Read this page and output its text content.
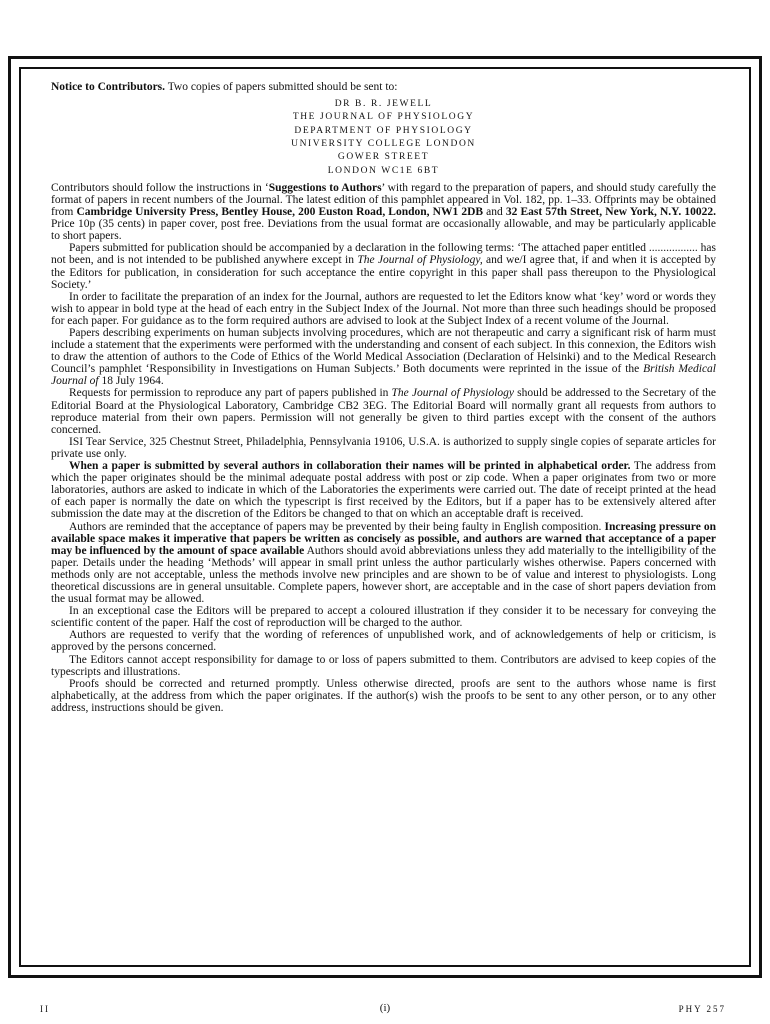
Notice to Contributors. Two copies of papers submitted should be sent to:

DR B. R. JEWELL
THE JOURNAL OF PHYSIOLOGY
DEPARTMENT OF PHYSIOLOGY
UNIVERSITY COLLEGE LONDON
GOWER STREET
LONDON WC1E 6BT

Contributors should follow the instructions in ‘Suggestions to Authors’ with regard to the preparation of papers, and should study carefully the format of papers in recent numbers of the Journal. The latest edition of this pamphlet appeared in Vol. 182, pp. 1–33. Offprints may be obtained from Cambridge University Press, Bentley House, 200 Euston Road, London, NW1 2DB and 32 East 57th Street, New York, N.Y. 10022. Price 10p (35 cents) in paper cover, post free. Deviations from the usual format are occasionally allowable, and may be particularly applicable to short papers.

Papers submitted for publication should be accompanied by a declaration in the following terms: ‘The attached paper entitled ................. has not been, and is not intended to be published anywhere except in The Journal of Physiology, and we/I agree that, if and when it is accepted by the Editors for publication, in consideration for such acceptance the entire copyright in this paper shall pass thereupon to the Physiological Society.’

In order to facilitate the preparation of an index for the Journal, authors are requested to let the Editors know what ‘key’ word or words they wish to appear in bold type at the head of each entry in the Subject Index of the Journal. Not more than three such headings should be proposed for each paper. For guidance as to the form required authors are advised to look at the Subject Index of a recent volume of the Journal.

Papers describing experiments on human subjects involving procedures, which are not therapeutic and carry a significant risk of harm must include a statement that the experiments were performed with the understanding and consent of each subject. In this connexion, the Editors wish to draw the attention of authors to the Code of Ethics of the World Medical Association (Declaration of Helsinki) and to the Medical Research Council’s pamphlet ‘Responsibility in Investigations on Human Subjects.’ Both documents were reprinted in the issue of the British Medical Journal of 18 July 1964.

Requests for permission to reproduce any part of papers published in The Journal of Physiology should be addressed to the Secretary of the Editorial Board at the Physiological Laboratory, Cambridge CB2 3EG. The Editorial Board will normally grant all requests from authors to reproduce material from their own papers. Permission will not generally be given to third parties except with the consent of the authors concerned.

ISI Tear Service, 325 Chestnut Street, Philadelphia, Pennsylvania 19106, U.S.A. is authorized to supply single copies of separate articles for private use only.

When a paper is submitted by several authors in collaboration their names will be printed in alphabetical order. The address from which the paper originates should be the minimal adequate postal address with post or zip code. When a paper originates from two or more laboratories, authors are asked to indicate in which of the Laboratories the experiments were carried out. The date of receipt printed at the head of each paper is normally the date on which the typescript is first received by the Editors, but if a paper has to be extensively altered after submission the date may at the discretion of the Editors be changed to that on which an acceptable draft is received.

Authors are reminded that the acceptance of papers may be prevented by their being faulty in English composition. Increasing pressure on available space makes it imperative that papers be written as concisely as possible, and authors are warned that acceptance of a paper may be influenced by the amount of space available Authors should avoid abbreviations unless they add materially to the intelligibility of the paper. Details under the heading ‘Methods’ will appear in small print unless the author particularly wishes otherwise. Papers concerned with methods only are not acceptable, unless the methods involve new principles and are shown to be of value and interest to physiologists. Long theoretical discussions are in general unsuitable. Complete papers, however short, are acceptable and in the case of short papers deviation from the usual format may be allowed.

In an exceptional case the Editors will be prepared to accept a coloured illustration if they consider it to be necessary for conveying the scientific content of the paper. Half the cost of reproduction will be charged to the author.

Authors are requested to verify that the wording of references of unpublished work, and of acknowledgements of help or criticism, is approved by the persons concerned.

The Editors cannot accept responsibility for damage to or loss of papers submitted to them. Contributors are advised to keep copies of the typescripts and illustrations.

Proofs should be corrected and returned promptly. Unless otherwise directed, proofs are sent to the authors whose name is first alphabetically, at the address from which the paper originates. If the author(s) wish the proofs to be sent to any other person, or to any other address, instructions should be given.

II	(i)	PHY 257
